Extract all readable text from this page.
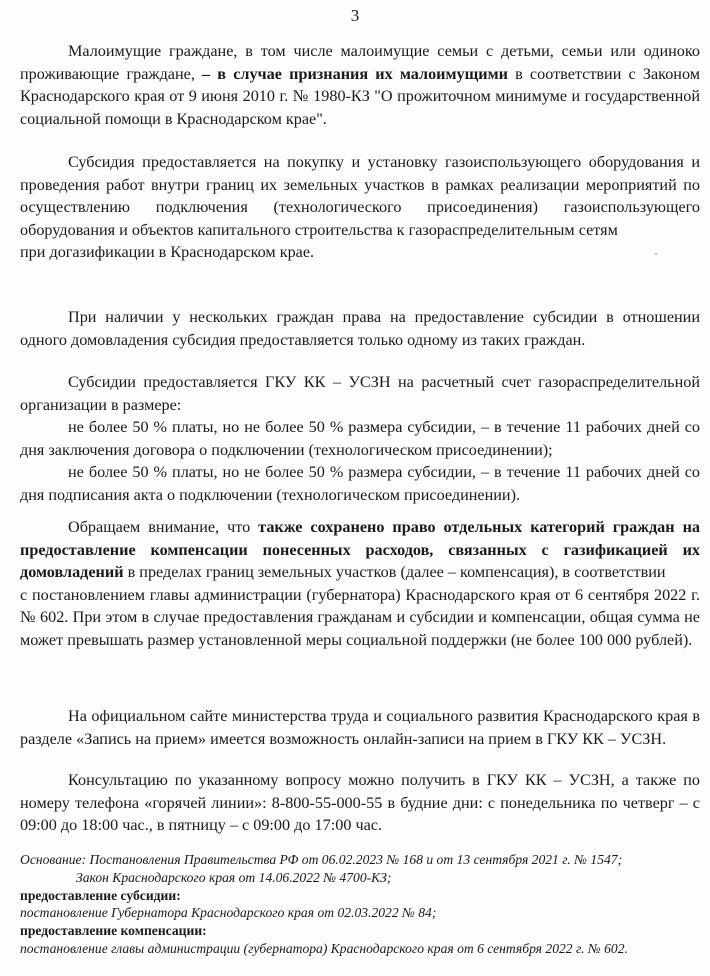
3
Малоимущие граждане, в том числе малоимущие семьи с детьми, семьи или одиноко проживающие граждане, – в случае признания их малоимущими в соответствии с Законом Краснодарского края от 9 июня 2010 г. № 1980-КЗ "О прожиточном минимуме и государственной социальной помощи в Краснодарском крае".

Субсидия предоставляется на покупку и установку газоиспользующего оборудования и проведения работ внутри границ их земельных участков в рамках реализации мероприятий по осуществлению подключения (технологического присоединения) газоиспользующего оборудования и объектов капитального строительства к газораспределительным сетям

при догазификации в Краснодарском крае.

При наличии у нескольких граждан права на предоставление субсидии в отношении одного домовладения субсидия предоставляется только одному из таких граждан.

Субсидии предоставляется ГКУ КК – УСЗН на расчетный счет газораспределительной организации в размере:

не более 50 % платы, но не более 50 % размера субсидии, – в течение 11 рабочих дней со дня заключения договора о подключении (технологическом присоединении);

не более 50 % платы, но не более 50 % размера субсидии, – в течение 11 рабочих дней со дня подписания акта о подключении (технологическом присоединении).

Обращаем внимание, что также сохранено право отдельных категорий граждан на предоставление компенсации понесенных расходов, связанных с газификацией их домовладений в пределах границ земельных участков (далее – компенсация), в соответствии

с постановлением главы администрации (губернатора) Краснодарского края от 6 сентября 2022 г. № 602. При этом в случае предоставления гражданам и субсидии и компенсации, общая сумма не может превышать размер установленной меры социальной поддержки (не более 100 000 рублей).

На официальном сайте министерства труда и социального развития Краснодарского края в разделе «Запись на прием» имеется возможность онлайн-записи на прием в ГКУ КК – УСЗН.
Консультацию по указанному вопросу можно получить в ГКУ КК – УСЗН, а также по номеру телефона «горячей линии»: 8-800-55-000-55 в будние дни: с понедельника по четверг – с 09:00 до 18:00 час., в пятницу – с 09:00 до 17:00 час.
Основание: Постановления Правительства РФ от 06.02.2023 № 168 и от 13 сентября 2021 г. № 1547;
Закон Краснодарского края от 14.06.2022 № 4700-КЗ;
предоставление субсидии:
постановление Губернатора Краснодарского края от 02.03.2022 № 84;
предоставление компенсации:
постановление главы администрации (губернатора) Краснодарского края от 6 сентября 2022 г. № 602.
˙
